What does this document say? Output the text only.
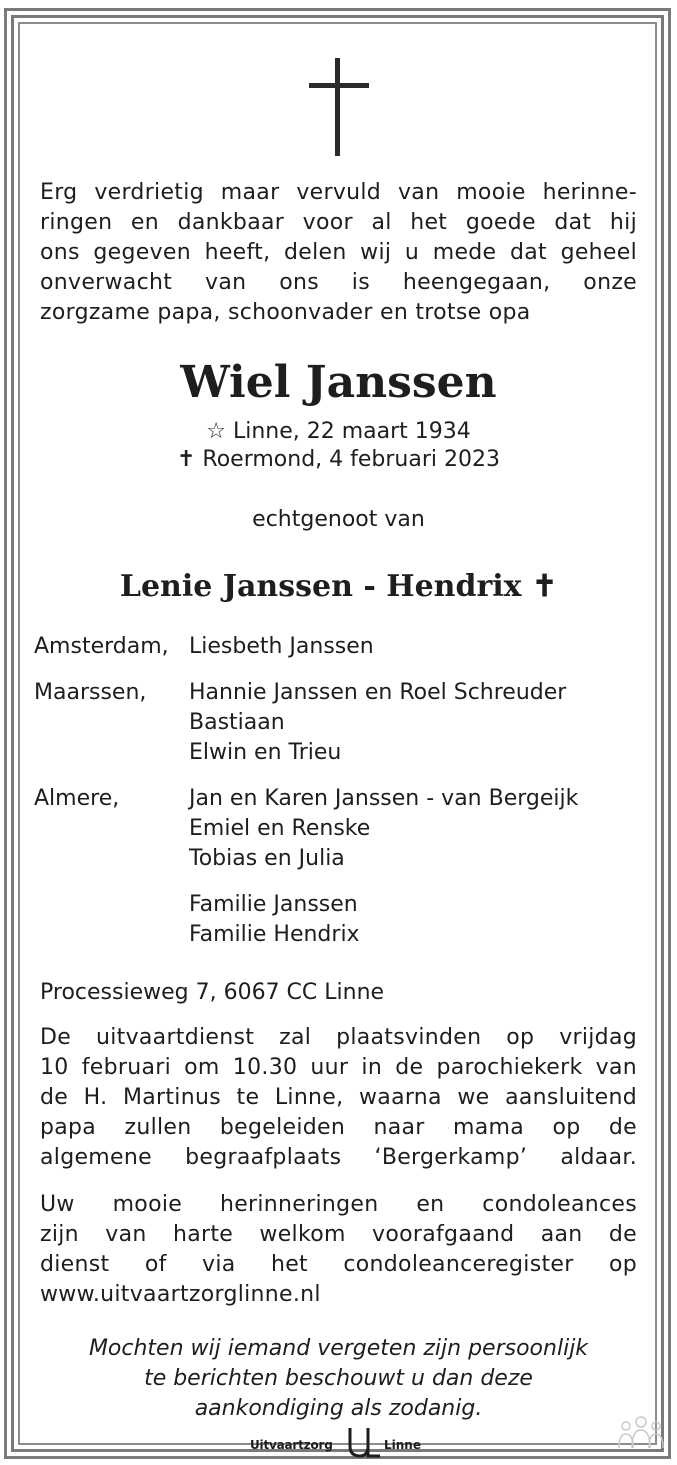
Erg verdrietig maar vervuld van mooie herinne-
ringen en dankbaar voor al het goede dat hij
ons gegeven heeft, delen wij u mede dat geheel
onverwacht van ons is heengegaan, onze
zorgzame papa, schoonvader en trotse opa
Wiel Janssen
☆ Linne, 22 maart 1934
✝ Roermond, 4 februari 2023
echtgenoot van
Lenie Janssen - Hendrix ✝
Amsterdam, Liesbeth Janssen
Maarssen, Hannie Janssen en Roel Schreuder
Bastiaan
Elwin en Trieu
Almere,	Jan en Karen Janssen - van Bergeijk
Emiel en Renske
Tobias en Julia
Familie Janssen
Familie Hendrix
Processieweg 7, 6067 CC Linne
De uitvaartdienst zal plaatsvinden op vrijdag
10 februari om 10.30 uur in de parochiekerk van
de H. Martinus te Linne, waarna we aansluitend
papa zullen begeleiden naar mama op de
algemene begraafplaats ‘Bergerkamp’ aldaar.
Uw mooie herinneringen en condoleances
zijn van harte welkom voorafgaand aan de
dienst of via het condoleanceregister op
www.uitvaartzorglinne.nl
Mochten wij iemand vergeten zijn persoonlijk
te berichten beschouwt u dan deze
aankondiging als zodanig.
Uitvaartzorg	Linne
